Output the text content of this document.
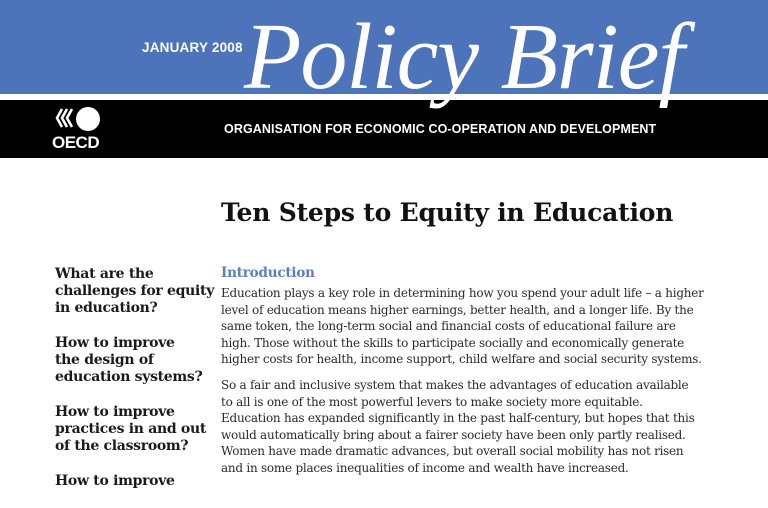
JANUARY 2008 Policy Brief
ORGANISATION FOR ECONOMIC CO-OPERATION AND DEVELOPMENT
OECD
Ten Steps to Equity in Education
What are the
challenges for equity
in education?
How to improve
the design of
education systems?
How to improve
practices in and out
of the classroom?
How to improve
Introduction

Education plays a key role in determining how you spend your adult life – a higher
level of education means higher earnings, better health, and a longer life. By the
same token, the long-term social and financial costs of educational failure are
high. Those without the skills to participate socially and economically generate
higher costs for health, income support, child welfare and social security systems.

So a fair and inclusive system that makes the advantages of education available
to all is one of the most powerful levers to make society more equitable.
Education has expanded significantly in the past half-century, but hopes that this
would automatically bring about a fairer society have been only partly realised.
Women have made dramatic advances, but overall social mobility has not risen
and in some places inequalities of income and wealth have increased.
